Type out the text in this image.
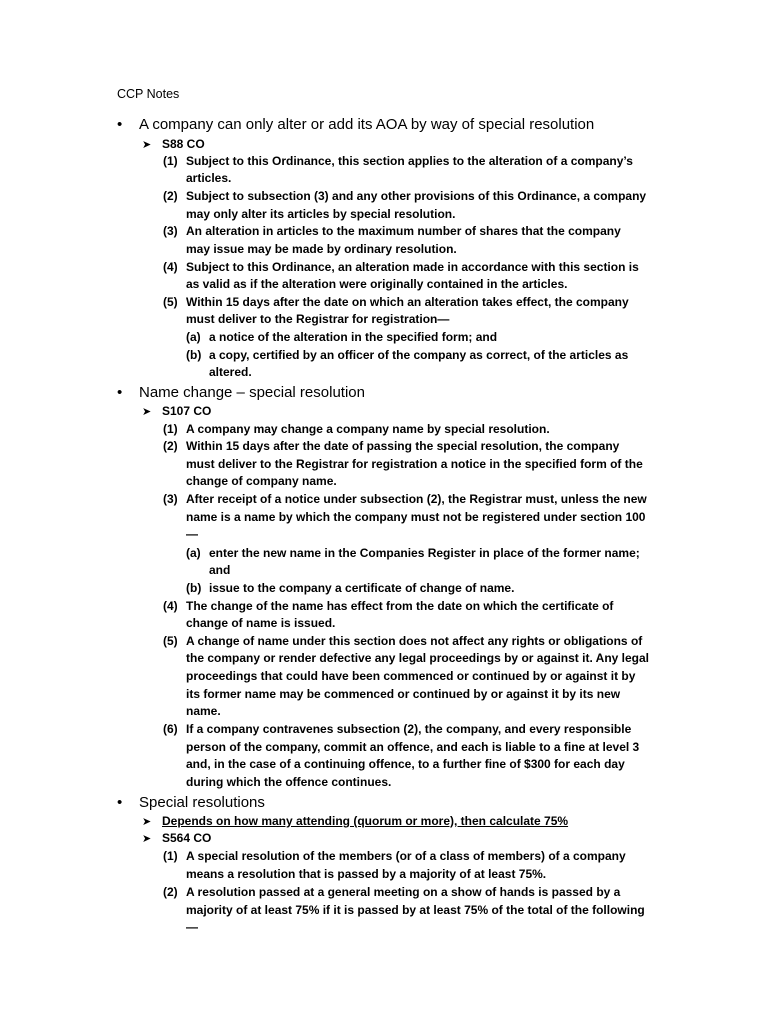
CCP Notes
•	A company can only alter or add its AOA by way of special resolution
➤ S88 CO
(1) Subject to this Ordinance, this section applies to the alteration of a company’s
articles.
(2) Subject to subsection (3) and any other provisions of this Ordinance, a company
may only alter its articles by special resolution.
(3) An alteration in articles to the maximum number of shares that the company
may issue may be made by ordinary resolution.
(4) Subject to this Ordinance, an alteration made in accordance with this section is
as valid as if the alteration were originally contained in the articles.
(5) Within 15 days after the date on which an alteration takes effect, the company
must deliver to the Registrar for registration—
(a) a notice of the alteration in the specified form; and
(b) a copy, certified by an officer of the company as correct, of the articles as
altered.
•	Name change – special resolution
➤ S107 CO
(1) A company may change a company name by special resolution.
(2) Within 15 days after the date of passing the special resolution, the company
must deliver to the Registrar for registration a notice in the specified form of the
change of company name.
(3) After receipt of a notice under subsection (2), the Registrar must, unless the new
name is a name by which the company must not be registered under section 100
—
(a) enter the new name in the Companies Register in place of the former name;
and
(b) issue to the company a certificate of change of name.
(4) The change of the name has effect from the date on which the certificate of
change of name is issued.
(5) A change of name under this section does not affect any rights or obligations of
the company or render defective any legal proceedings by or against it. Any legal
proceedings that could have been commenced or continued by or against it by
its former name may be commenced or continued by or against it by its new
name.
(6) If a company contravenes subsection (2), the company, and every responsible
person of the company, commit an offence, and each is liable to a fine at level 3
and, in the case of a continuing offence, to a further fine of $300 for each day
during which the offence continues.
•	Special resolutions
➤ Depends on how many attending (quorum or more), then calculate 75%
➤ S564 CO
(1) A special resolution of the members (or of a class of members) of a company
means a resolution that is passed by a majority of at least 75%.
(2) A resolution passed at a general meeting on a show of hands is passed by a
majority of at least 75% if it is passed by at least 75% of the total of the following
—
